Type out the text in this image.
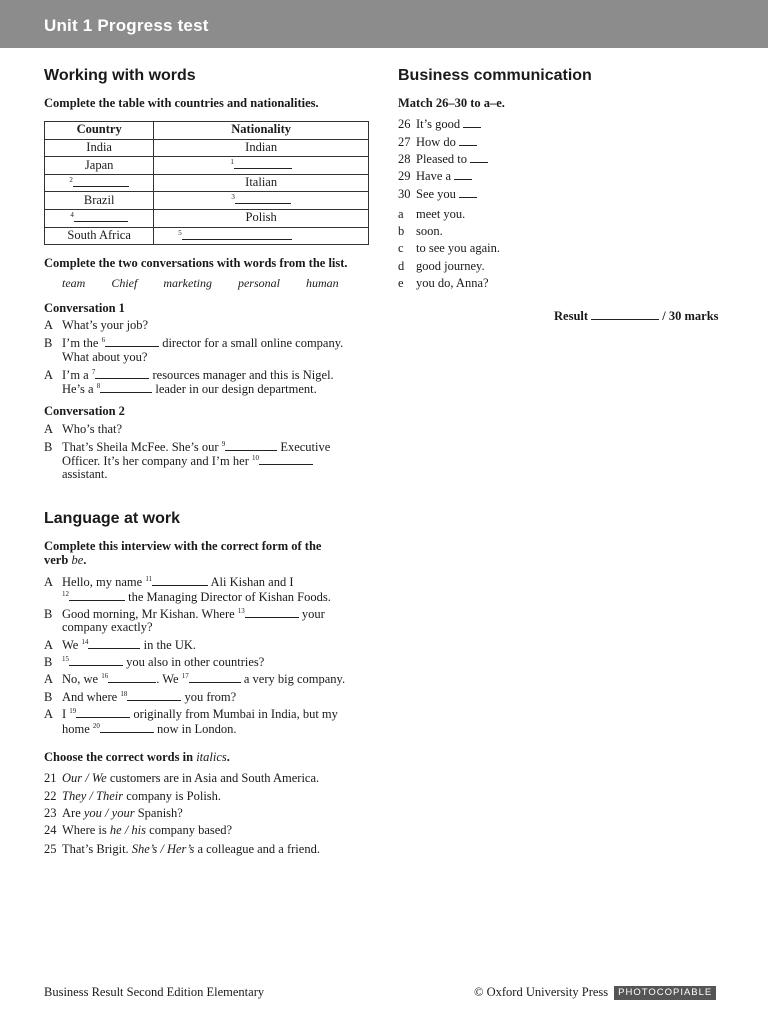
Unit 1 Progress test
Working with words
Complete the table with countries and nationalities.
Country	Nationality
India	Indian
Japan	$^1$
$^2$	Italian
Brazil	$^3$
$^4$	Polish
South Africa	$^5$
Complete the two conversations with words from the list.
team Chief marketing personal human
Conversation 1
A What’s your job?
B I’m the $^6$	director for a small online company.
What about you?
A I’m a $^7$	resources manager and this is Nigel.
He’s a $^8$	leader in our design department.
Conversation 2
A Who’s that?
B That’s Sheila McFee. She’s our $^9$	Executive
Officer. It’s her company and I’m her $^{10}$
assistant.
Language at work
Complete this interview with the correct form of the
verb be.
A Hello, my name $^{11}$	Ali Kishan and I
$^{12}$	the Managing Director of Kishan Foods.
B Good morning, Mr Kishan. Where $^{13}$	your
company exactly?
A We $^{14}$	in the UK.
B $^{15}$	you also in other countries?
A No, we $^{16}$	. We $^{17}$	a very big company.
B And where $^{18}$	you from?
A I $^{19}$	originally from Mumbai in India, but my
home $^{20}$	now in London.
Choose the correct words in italics.
21 Our / We customers are in Asia and South America.
22 They / Their company is Polish.
23 Are you / your Spanish?
24 Where is he / his company based?
25 That’s Brigit. She’s / Her’s a colleague and a friend.
Business communication
Match 26–30 to a–e.
26 It’s good
27 How do
28 Pleased to
29 Have a
30 See you
a meet you.
b soon.
c to see you again.
d good journey.
e you do, Anna?
Result	/ 30 marks
Business Result Second Edition Elementary	© Oxford University Press PHOTOCOPIABLE
